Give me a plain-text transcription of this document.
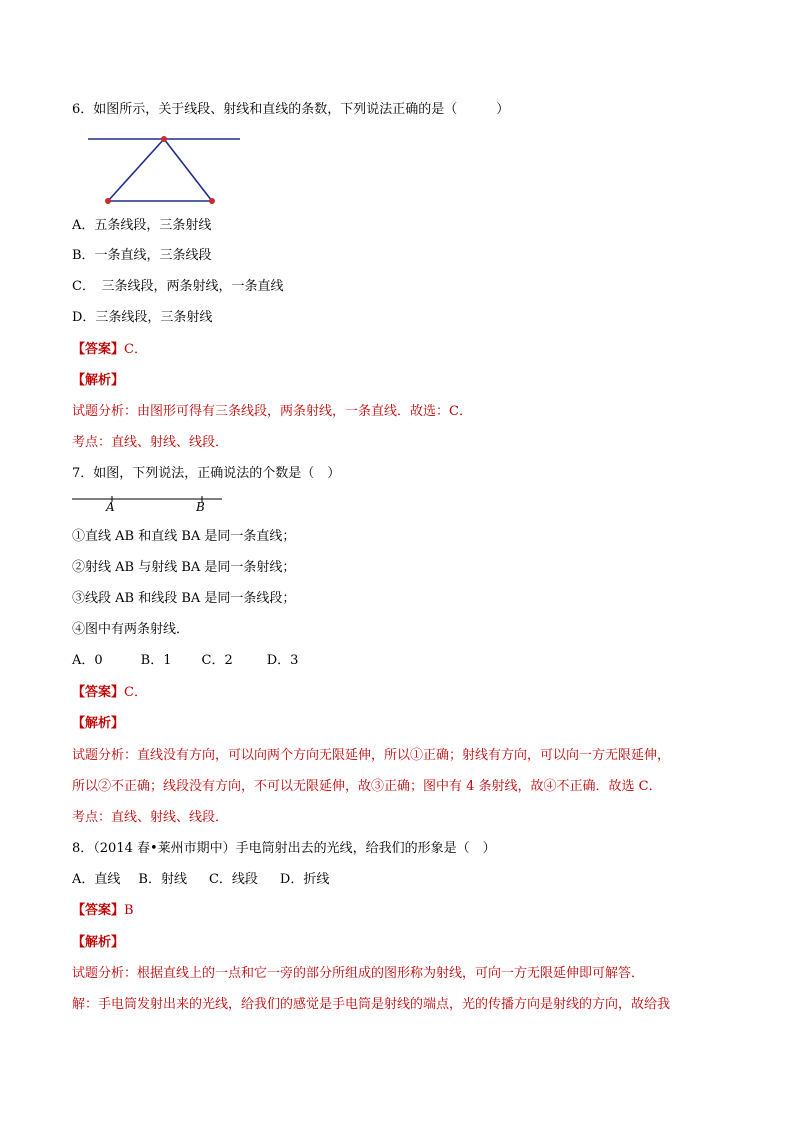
6．如图所示，关于线段、射线和直线的条数，下列说法正确的是（　　　）
A．五条线段，三条射线
B．一条直线，三条线段
C．　三条线段，两条射线，一条直线
D．三条线段，三条射线
【答案】C．
【解析】
试题分析：由图形可得有三条线段，两条射线，一条直线．故选：C．
考点：直线、射线、线段．
7．如图，下列说法，正确说法的个数是（　）
A	B
①直线 AB 和直线 BA 是同一条直线；
②射线 AB 与射线 BA 是同一条射线；
③线段 AB 和线段 BA 是同一条线段；
④图中有两条射线．
A．0	B．1 C．2	D．3
【答案】C．
【解析】
试题分析：直线没有方向，可以向两个方向无限延伸，所以①正确；射线有方向，可以向一方无限延伸，
所以②不正确；线段没有方向，不可以无限延伸，故③正确；图中有 4 条射线，故④不正确．故选 C．
考点：直线、射线、线段．
8．（2014 春•莱州市期中）手电筒射出去的光线，给我们的形象是（　）
A．直线 B．射线 C．线段 D．折线
【答案】B
【解析】
试题分析：根据直线上的一点和它一旁的部分所组成的图形称为射线，可向一方无限延伸即可解答．
解：手电筒发射出来的光线，给我们的感觉是手电筒是射线的端点，光的传播方向是射线的方向，故给我
